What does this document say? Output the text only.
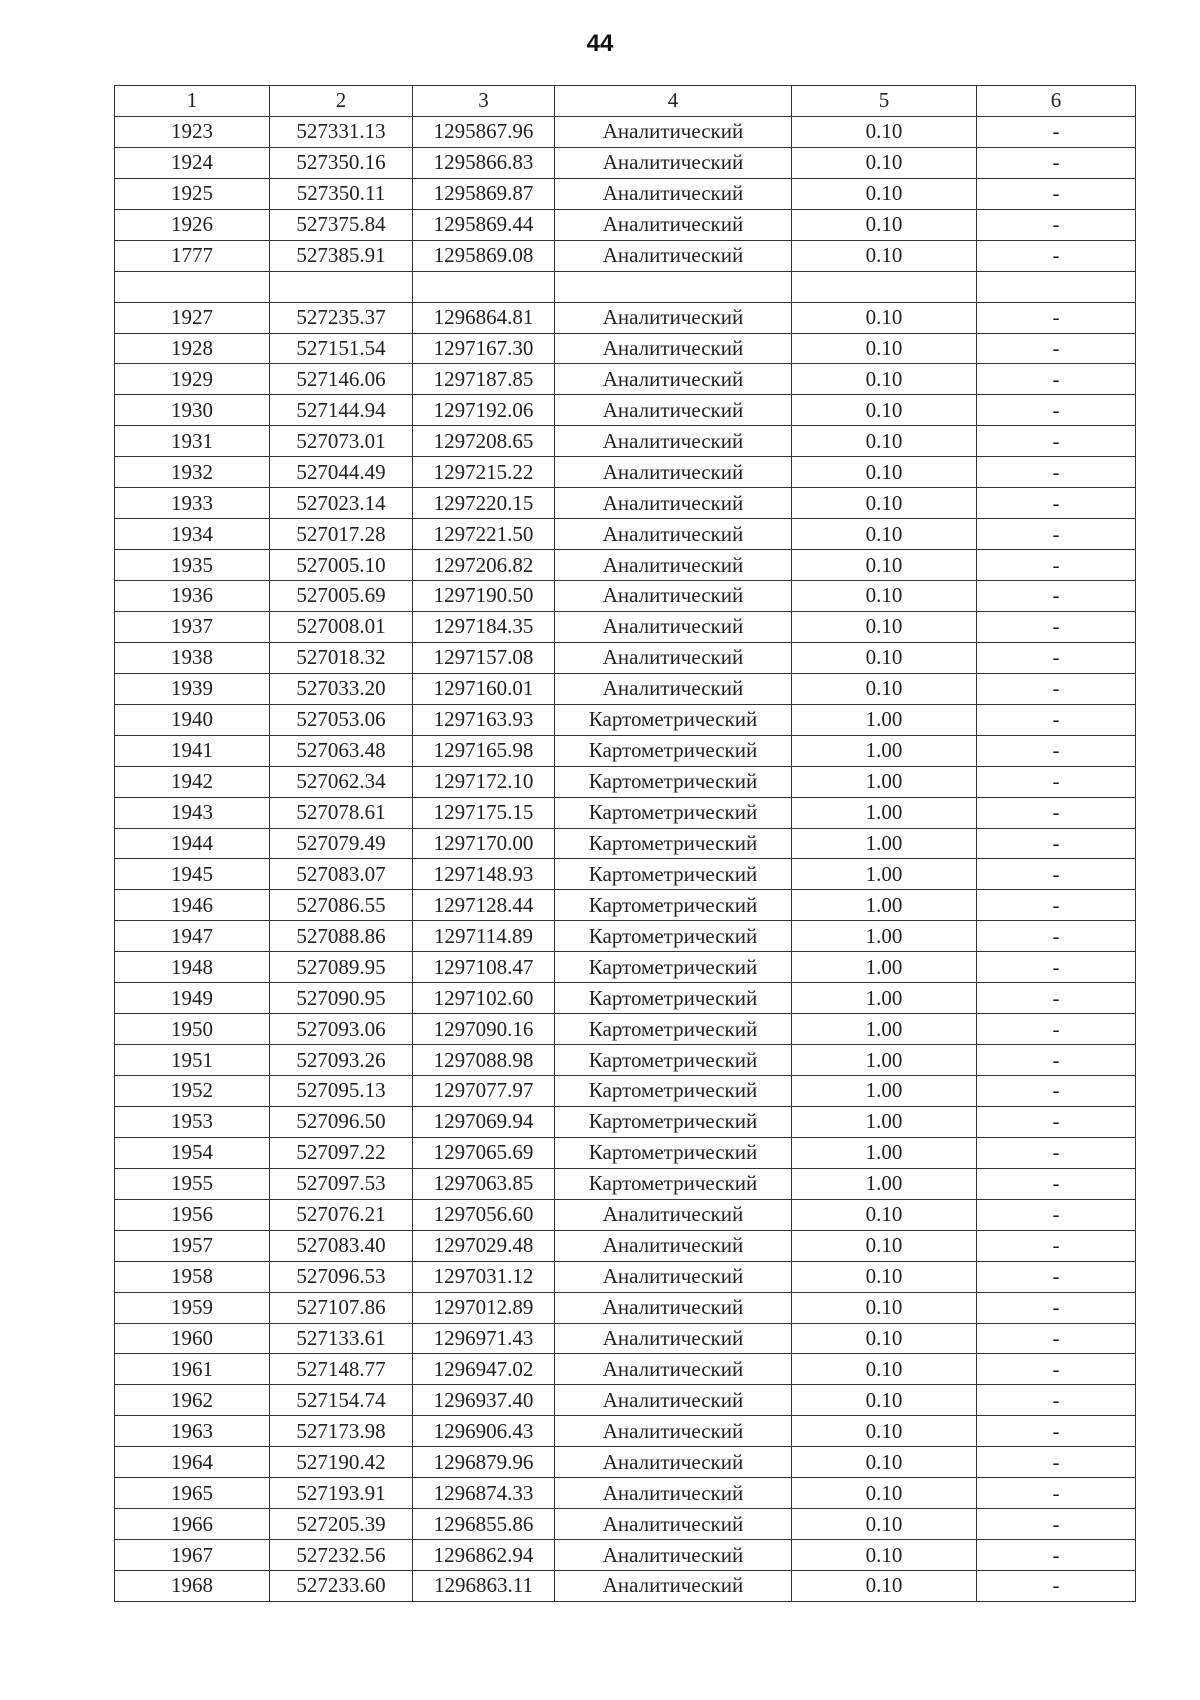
44
1	2	3	4	5	6
1923	527331.13	1295867.96	Аналитический	0.10	-
1924	527350.16	1295866.83	Аналитический	0.10	-
1925	527350.11	1295869.87	Аналитический	0.10	-
1926	527375.84	1295869.44	Аналитический	0.10	-
1777	527385.91	1295869.08	Аналитический	0.10	-

1927	527235.37	1296864.81	Аналитический	0.10	-
1928	527151.54	1297167.30	Аналитический	0.10	-
1929	527146.06	1297187.85	Аналитический	0.10	-
1930	527144.94	1297192.06	Аналитический	0.10	-
1931	527073.01	1297208.65	Аналитический	0.10	-
1932	527044.49	1297215.22	Аналитический	0.10	-
1933	527023.14	1297220.15	Аналитический	0.10	-
1934	527017.28	1297221.50	Аналитический	0.10	-
1935	527005.10	1297206.82	Аналитический	0.10	-
1936	527005.69	1297190.50	Аналитический	0.10	-
1937	527008.01	1297184.35	Аналитический	0.10	-
1938	527018.32	1297157.08	Аналитический	0.10	-
1939	527033.20	1297160.01	Аналитический	0.10	-
1940	527053.06	1297163.93	Картометрический	1.00	-
1941	527063.48	1297165.98	Картометрический	1.00	-
1942	527062.34	1297172.10	Картометрический	1.00	-
1943	527078.61	1297175.15	Картометрический	1.00	-
1944	527079.49	1297170.00	Картометрический	1.00	-
1945	527083.07	1297148.93	Картометрический	1.00	-
1946	527086.55	1297128.44	Картометрический	1.00	-
1947	527088.86	1297114.89	Картометрический	1.00	-
1948	527089.95	1297108.47	Картометрический	1.00	-
1949	527090.95	1297102.60	Картометрический	1.00	-
1950	527093.06	1297090.16	Картометрический	1.00	-
1951	527093.26	1297088.98	Картометрический	1.00	-
1952	527095.13	1297077.97	Картометрический	1.00	-
1953	527096.50	1297069.94	Картометрический	1.00	-
1954	527097.22	1297065.69	Картометрический	1.00	-
1955	527097.53	1297063.85	Картометрический	1.00	-
1956	527076.21	1297056.60	Аналитический	0.10	-
1957	527083.40	1297029.48	Аналитический	0.10	-
1958	527096.53	1297031.12	Аналитический	0.10	-
1959	527107.86	1297012.89	Аналитический	0.10	-
1960	527133.61	1296971.43	Аналитический	0.10	-
1961	527148.77	1296947.02	Аналитический	0.10	-
1962	527154.74	1296937.40	Аналитический	0.10	-
1963	527173.98	1296906.43	Аналитический	0.10	-
1964	527190.42	1296879.96	Аналитический	0.10	-
1965	527193.91	1296874.33	Аналитический	0.10	-
1966	527205.39	1296855.86	Аналитический	0.10	-
1967	527232.56	1296862.94	Аналитический	0.10	-
1968	527233.60	1296863.11	Аналитический	0.10	-
